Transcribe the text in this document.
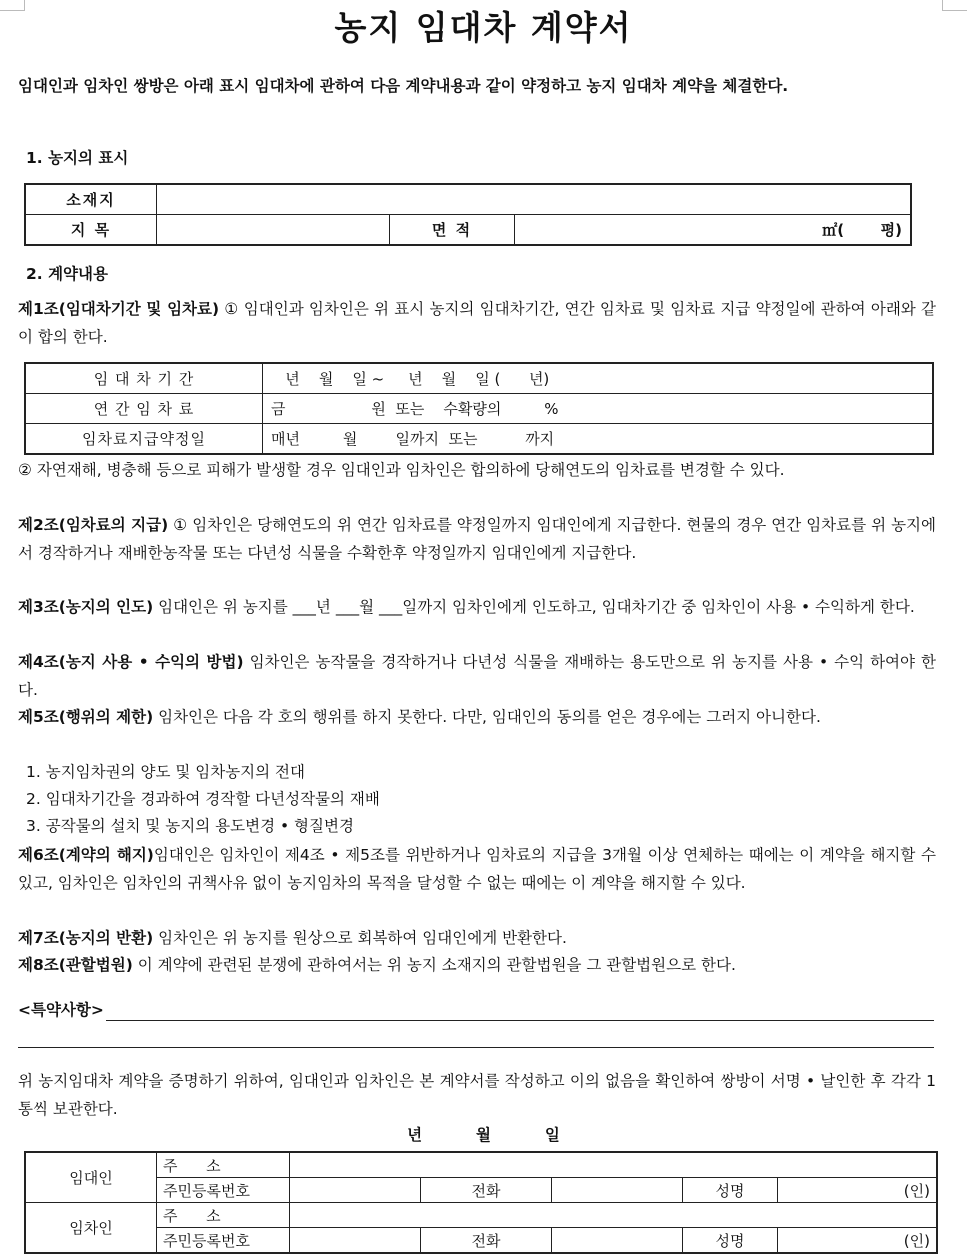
농지 임대차 계약서
임대인과 임차인 쌍방은 아래 표시 임대차에 관하여 다음 계약내용과 같이 약정하고 농지 임대차 계약을 체결한다.
1. 농지의 표시
소재지			
지 목		면 적	㎡(       평)
2. 계약내용
제1조(임대차기간 및 임차료) ① 임대인과 임차인은 위 표시 농지의 임대차기간, 연간 임차료 및 임차료 지급 약정일에 관하여 아래와 같이 합의 한다.
임 대 차 기 간	년    월    일 ~     년    월    일 (      년)
연 간 임 차 료	금                  원  또는    수확량의         %
임차료지급약정일	매년         월        일까지  또는          까지
② 자연재해, 병충해 등으로 피해가 발생할 경우 임대인과 임차인은 합의하에 당해연도의 임차료를 변경할 수 있다.
제2조(임차료의 지급) ① 임차인은 당해연도의 위 연간 임차료를 약정일까지 임대인에게 지급한다. 현물의 경우 연간 임차료를 위 농지에서 경작하거나 재배한농작물 또는 다년성 식물을 수확한후 약정일까지 임대인에게 지급한다.
제3조(농지의 인도) 임대인은 위 농지를 ___년 ___월 ___일까지 임차인에게 인도하고, 임대차기간 중 임차인이 사용 • 수익하게 한다.
제4조(농지 사용 • 수익의 방법) 임차인은 농작물을 경작하거나 다년성 식물을 재배하는 용도만으로 위 농지를 사용 • 수익 하여야 한다.
제5조(행위의 제한) 임차인은 다음 각 호의 행위를 하지 못한다. 다만, 임대인의 동의를 얻은 경우에는 그러지 아니한다.
1. 농지임차권의 양도 및 임차농지의 전대
2. 임대차기간을 경과하여 경작할 다년성작물의 재배
3. 공작물의 설치 및 농지의 용도변경 • 형질변경
제6조(계약의 해지)임대인은 임차인이 제4조 • 제5조를 위반하거나 임차료의 지급을 3개월 이상 연체하는 때에는 이 계약을 해지할 수 있고, 임차인은 임차인의 귀책사유 없이 농지임차의 목적을 달성할 수 없는 때에는 이 계약을 해지할 수 있다.
제7조(농지의 반환) 임차인은 위 농지를 원상으로 회복하여 임대인에게 반환한다.
제8조(관할법원) 이 계약에 관련된 분쟁에 관하여서는 위 농지 소재지의 관할법원을 그 관할법원으로 한다.
<특약사항>
위 농지임대차 계약을 증명하기 위하여, 임대인과 임차인은 본 계약서를 작성하고 이의 없음을 확인하여 쌍방이 서명 • 날인한 후 각각 1통씩 보관한다.
년          월          일
임대인	주      소					
	주민등록번호		전화		성명	(인)
임차인	주      소					
	주민등록번호		전화		성명	(인)
